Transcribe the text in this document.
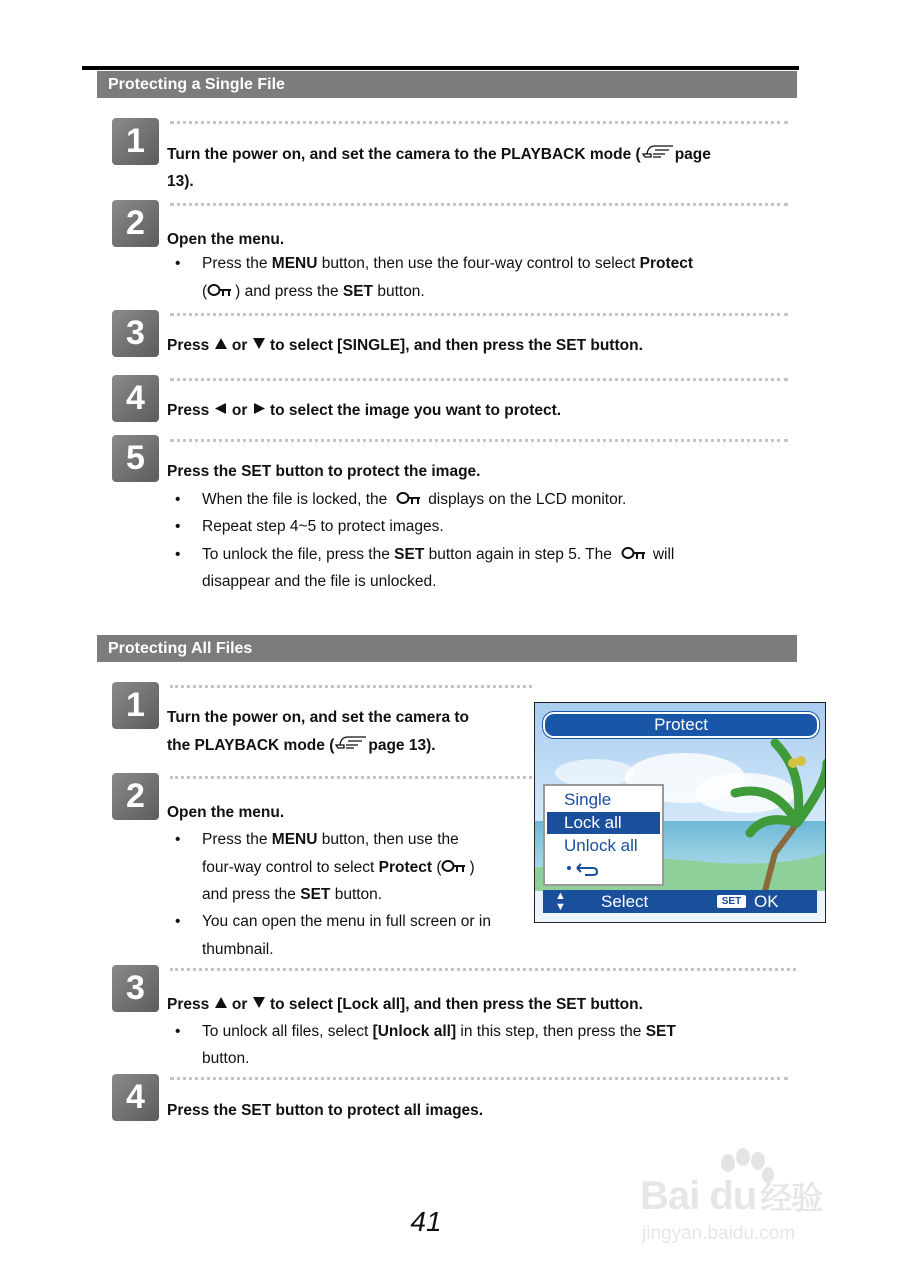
Protecting a Single File
1	Turn the power on, and set the camera to the PLAYBACK mode ( page
13).
2	Open the menu.
• Press the MENU button, then use the four-way control to select Protect
( ) and press the SET button.
3	Press or to select [SINGLE], and then press the SET button.
4	Press or to select the image you want to protect.
5	Press the SET button to protect the image.
• When the file is locked, the	displays on the LCD monitor.
• Repeat step 4~5 to protect images.
• To unlock the file, press the SET button again in step 5. The	will
disappear and the file is unlocked.
Protecting All Files
1	Turn the power on, and set the camera to
the PLAYBACK mode ( page 13).
2	Open the menu.
• Press the MENU button, then use the
four-way control to select Protect ( )
and press the SET button.
• You can open the menu in full screen or in
thumbnail.
Protect
Single
Lock all
Unlock all
▲
▼ Select	SET OK
3	Press or to select [Lock all], and then press the SET button.
• To unlock all files, select [Unlock all] in this step, then press the SET
button.
4	Press the SET button to protect all images.
41
Bai du 经验
jingyan.baidu.com
